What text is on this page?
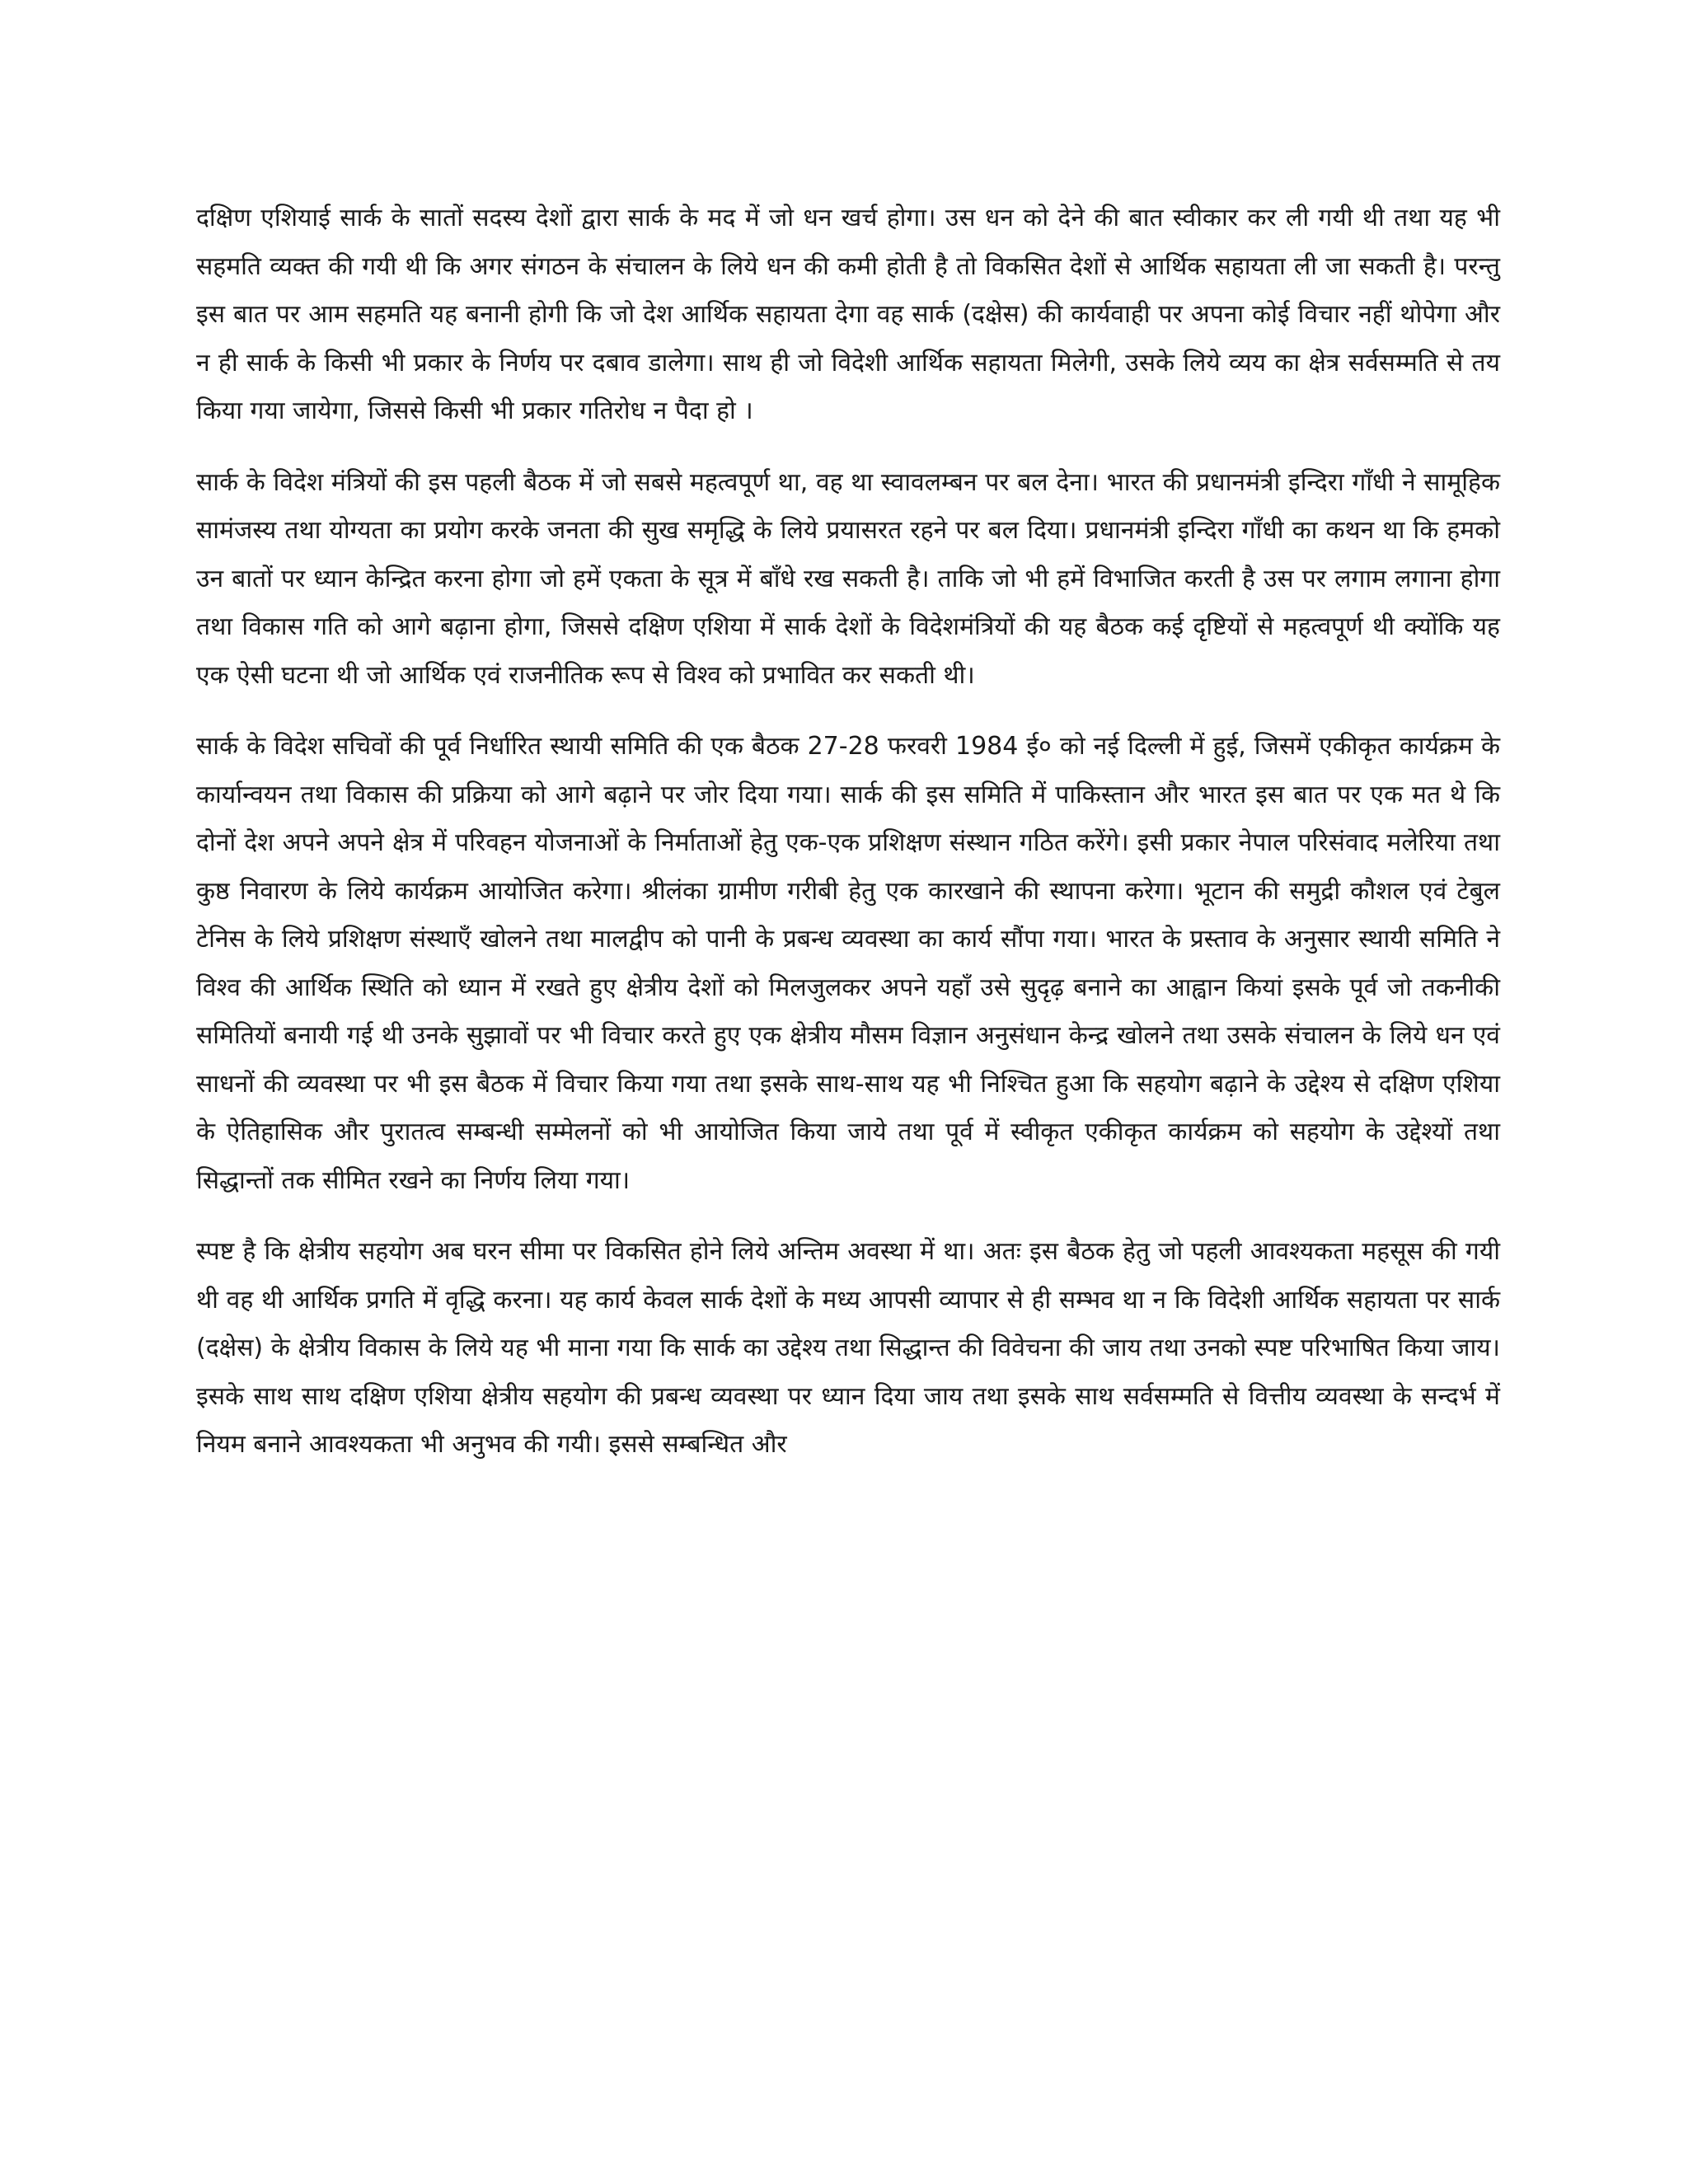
दक्षिण एशियाई सार्क के सातों सदस्य देशों द्वारा सार्क के मद में जो धन खर्च होगा। उस धन को देने की बात स्वीकार कर ली गयी थी तथा यह भी सहमति व्यक्त की गयी थी कि अगर संगठन के संचालन के लिये धन की कमी होती है तो विकसित देशों से आर्थिक सहायता ली जा सकती है। परन्तु इस बात पर आम सहमति यह बनानी होगी कि जो देश आर्थिक सहायता देगा वह सार्क (दक्षेस) की कार्यवाही पर अपना कोई विचार नहीं थोपेगा और न ही सार्क के किसी भी प्रकार के निर्णय पर दबाव डालेगा। साथ ही जो विदेशी आर्थिक सहायता मिलेगी, उसके लिये व्यय का क्षेत्र सर्वसम्मति से तय किया गया जायेगा, जिससे किसी भी प्रकार गतिरोध न पैदा हो ।

सार्क के विदेश मंत्रियों की इस पहली बैठक में जो सबसे महत्वपूर्ण था, वह था स्वावलम्बन पर बल देना। भारत की प्रधानमंत्री इन्दिरा गाँधी ने सामूहिक सामंजस्य तथा योग्यता का प्रयोग करके जनता की सुख समृद्धि के लिये प्रयासरत रहने पर बल दिया। प्रधानमंत्री इन्दिरा गाँधी का कथन था कि हमको उन बातों पर ध्यान केन्द्रित करना होगा जो हमें एकता के सूत्र में बाँधे रख सकती है। ताकि जो भी हमें विभाजित करती है उस पर लगाम लगाना होगा तथा विकास गति को आगे बढ़ाना होगा, जिससे दक्षिण एशिया में सार्क देशों के विदेशमंत्रियों की यह बैठक कई दृष्टियों से महत्वपूर्ण थी क्योंकि यह एक ऐसी घटना थी जो आर्थिक एवं राजनीतिक रूप से विश्व को प्रभावित कर सकती थी।

सार्क के विदेश सचिवों की पूर्व निर्धारित स्थायी समिति की एक बैठक 27-28 फरवरी 1984 ई० को नई दिल्ली में हुई, जिसमें एकीकृत कार्यक्रम के कार्यान्वयन तथा विकास की प्रक्रिया को आगे बढ़ाने पर जोर दिया गया। सार्क की इस समिति में पाकिस्तान और भारत इस बात पर एक मत थे कि दोनों देश अपने अपने क्षेत्र में परिवहन योजनाओं के निर्माताओं हेतु एक-एक प्रशिक्षण संस्थान गठित करेंगे। इसी प्रकार नेपाल परिसंवाद मलेरिया तथा कुष्ठ निवारण के लिये कार्यक्रम आयोजित करेगा। श्रीलंका ग्रामीण गरीबी हेतु एक कारखाने की स्थापना करेगा। भूटान की समुद्री कौशल एवं टेबुल टेनिस के लिये प्रशिक्षण संस्थाएँ खोलने तथा मालद्वीप को पानी के प्रबन्ध व्यवस्था का कार्य सौंपा गया। भारत के प्रस्ताव के अनुसार स्थायी समिति ने विश्व की आर्थिक स्थिति को ध्यान में रखते हुए क्षेत्रीय देशों को मिलजुलकर अपने यहाँ उसे सुदृढ़ बनाने का आह्वान कियां इसके पूर्व जो तकनीकी समितियों बनायी गई थी उनके सुझावों पर भी विचार करते हुए एक क्षेत्रीय मौसम विज्ञान अनुसंधान केन्द्र खोलने तथा उसके संचालन के लिये धन एवं साधनों की व्यवस्था पर भी इस बैठक में विचार किया गया तथा इसके साथ-साथ यह भी निश्चित हुआ कि सहयोग बढ़ाने के उद्देश्य से दक्षिण एशिया के ऐतिहासिक और पुरातत्व सम्बन्धी सम्मेलनों को भी आयोजित किया जाये तथा पूर्व में स्वीकृत एकीकृत कार्यक्रम को सहयोग के उद्देश्यों तथा सिद्धान्तों तक सीमित रखने का निर्णय लिया गया।

स्पष्ट है कि क्षेत्रीय सहयोग अब घरन सीमा पर विकसित होने लिये अन्तिम अवस्था में था। अतः इस बैठक हेतु जो पहली आवश्यकता महसूस की गयी थी वह थी आर्थिक प्रगति में वृद्धि करना। यह कार्य केवल सार्क देशों के मध्य आपसी व्यापार से ही सम्भव था न कि विदेशी आर्थिक सहायता पर सार्क (दक्षेस) के क्षेत्रीय विकास के लिये यह भी माना गया कि सार्क का उद्देश्य तथा सिद्धान्त की विवेचना की जाय तथा उनको स्पष्ट परिभाषित किया जाय। इसके साथ साथ दक्षिण एशिया क्षेत्रीय सहयोग की प्रबन्ध व्यवस्था पर ध्यान दिया जाय तथा इसके साथ सर्वसम्मति से वित्तीय व्यवस्था के सन्दर्भ में नियम बनाने आवश्यकता भी अनुभव की गयी। इससे सम्बन्धित और
